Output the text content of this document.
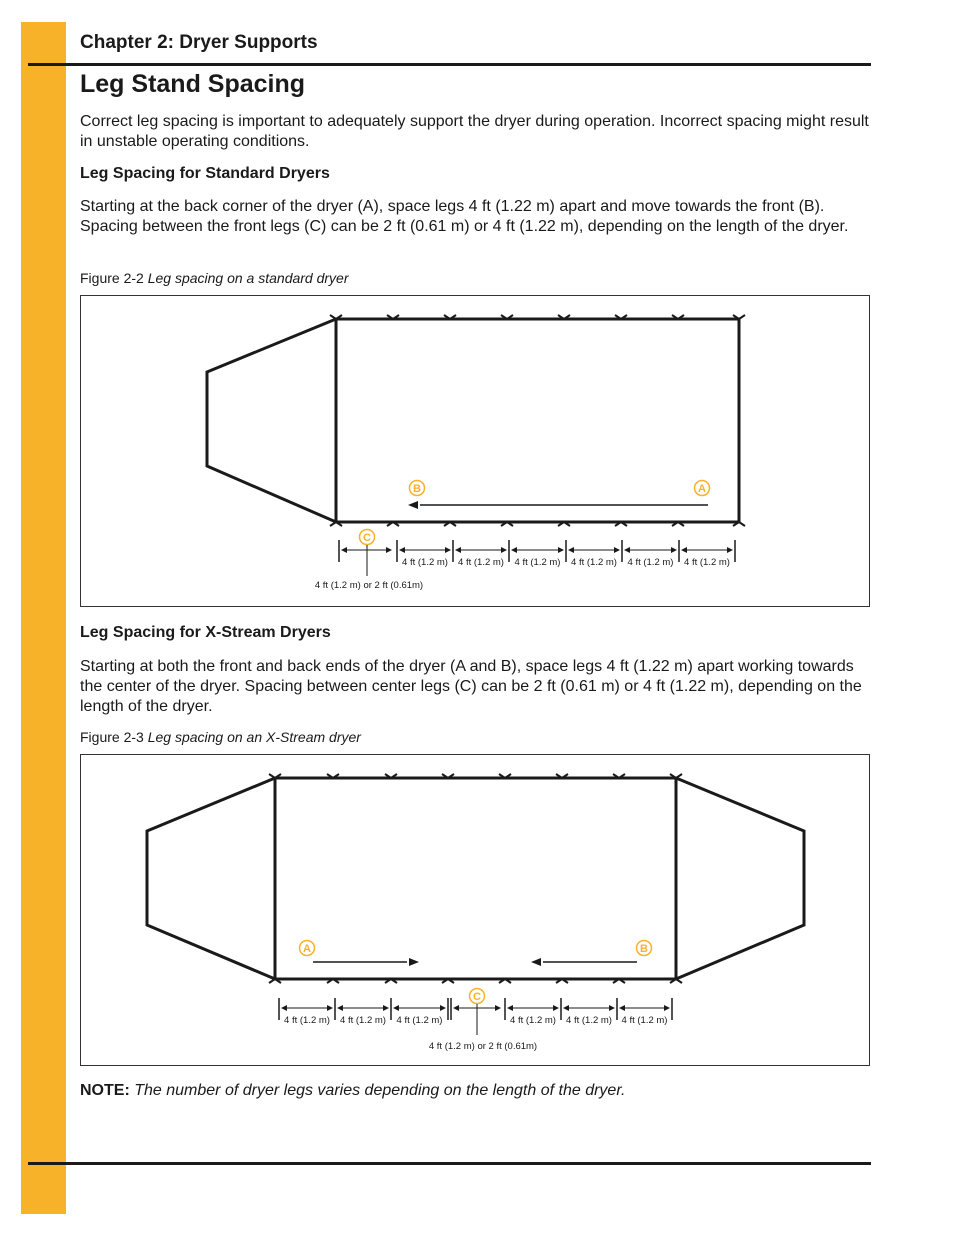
Chapter 2: Dryer Supports
Leg Stand Spacing
Correct leg spacing is important to adequately support the dryer during operation. Incorrect spacing might result in unstable operating conditions.
Leg Spacing for Standard Dryers
Starting at the back corner of the dryer (A), space legs 4 ft (1.22 m) apart and move towards the front (B). Spacing between the front legs (C) can be 2 ft (0.61 m) or 4 ft (1.22 m), depending on the length of the dryer.
Figure 2-2 Leg spacing on a standard dryer
B	A
C
4 ft (1.2 m) or 2 ft (0.61m)
4 ft (1.2 m) 4 ft (1.2 m) 4 ft (1.2 m) 4 ft (1.2 m) 4 ft (1.2 m) 4 ft (1.2 m)
Leg Spacing for X-Stream Dryers
Starting at both the front and back ends of the dryer (A and B), space legs 4 ft (1.22 m) apart working towards the center of the dryer. Spacing between center legs (C) can be 2 ft (0.61 m) or 4 ft (1.22 m), depending on the length of the dryer.
Figure 2-3 Leg spacing on an X-Stream dryer
A	B
C
4 ft (1.2 m) 4 ft (1.2 m) 4 ft (1.2 m)
4 ft (1.2 m) or 2 ft (0.61m)
4 ft (1.2 m) 4 ft (1.2 m) 4 ft (1.2 m)
NOTE: The number of dryer legs varies depending on the length of the dryer.
